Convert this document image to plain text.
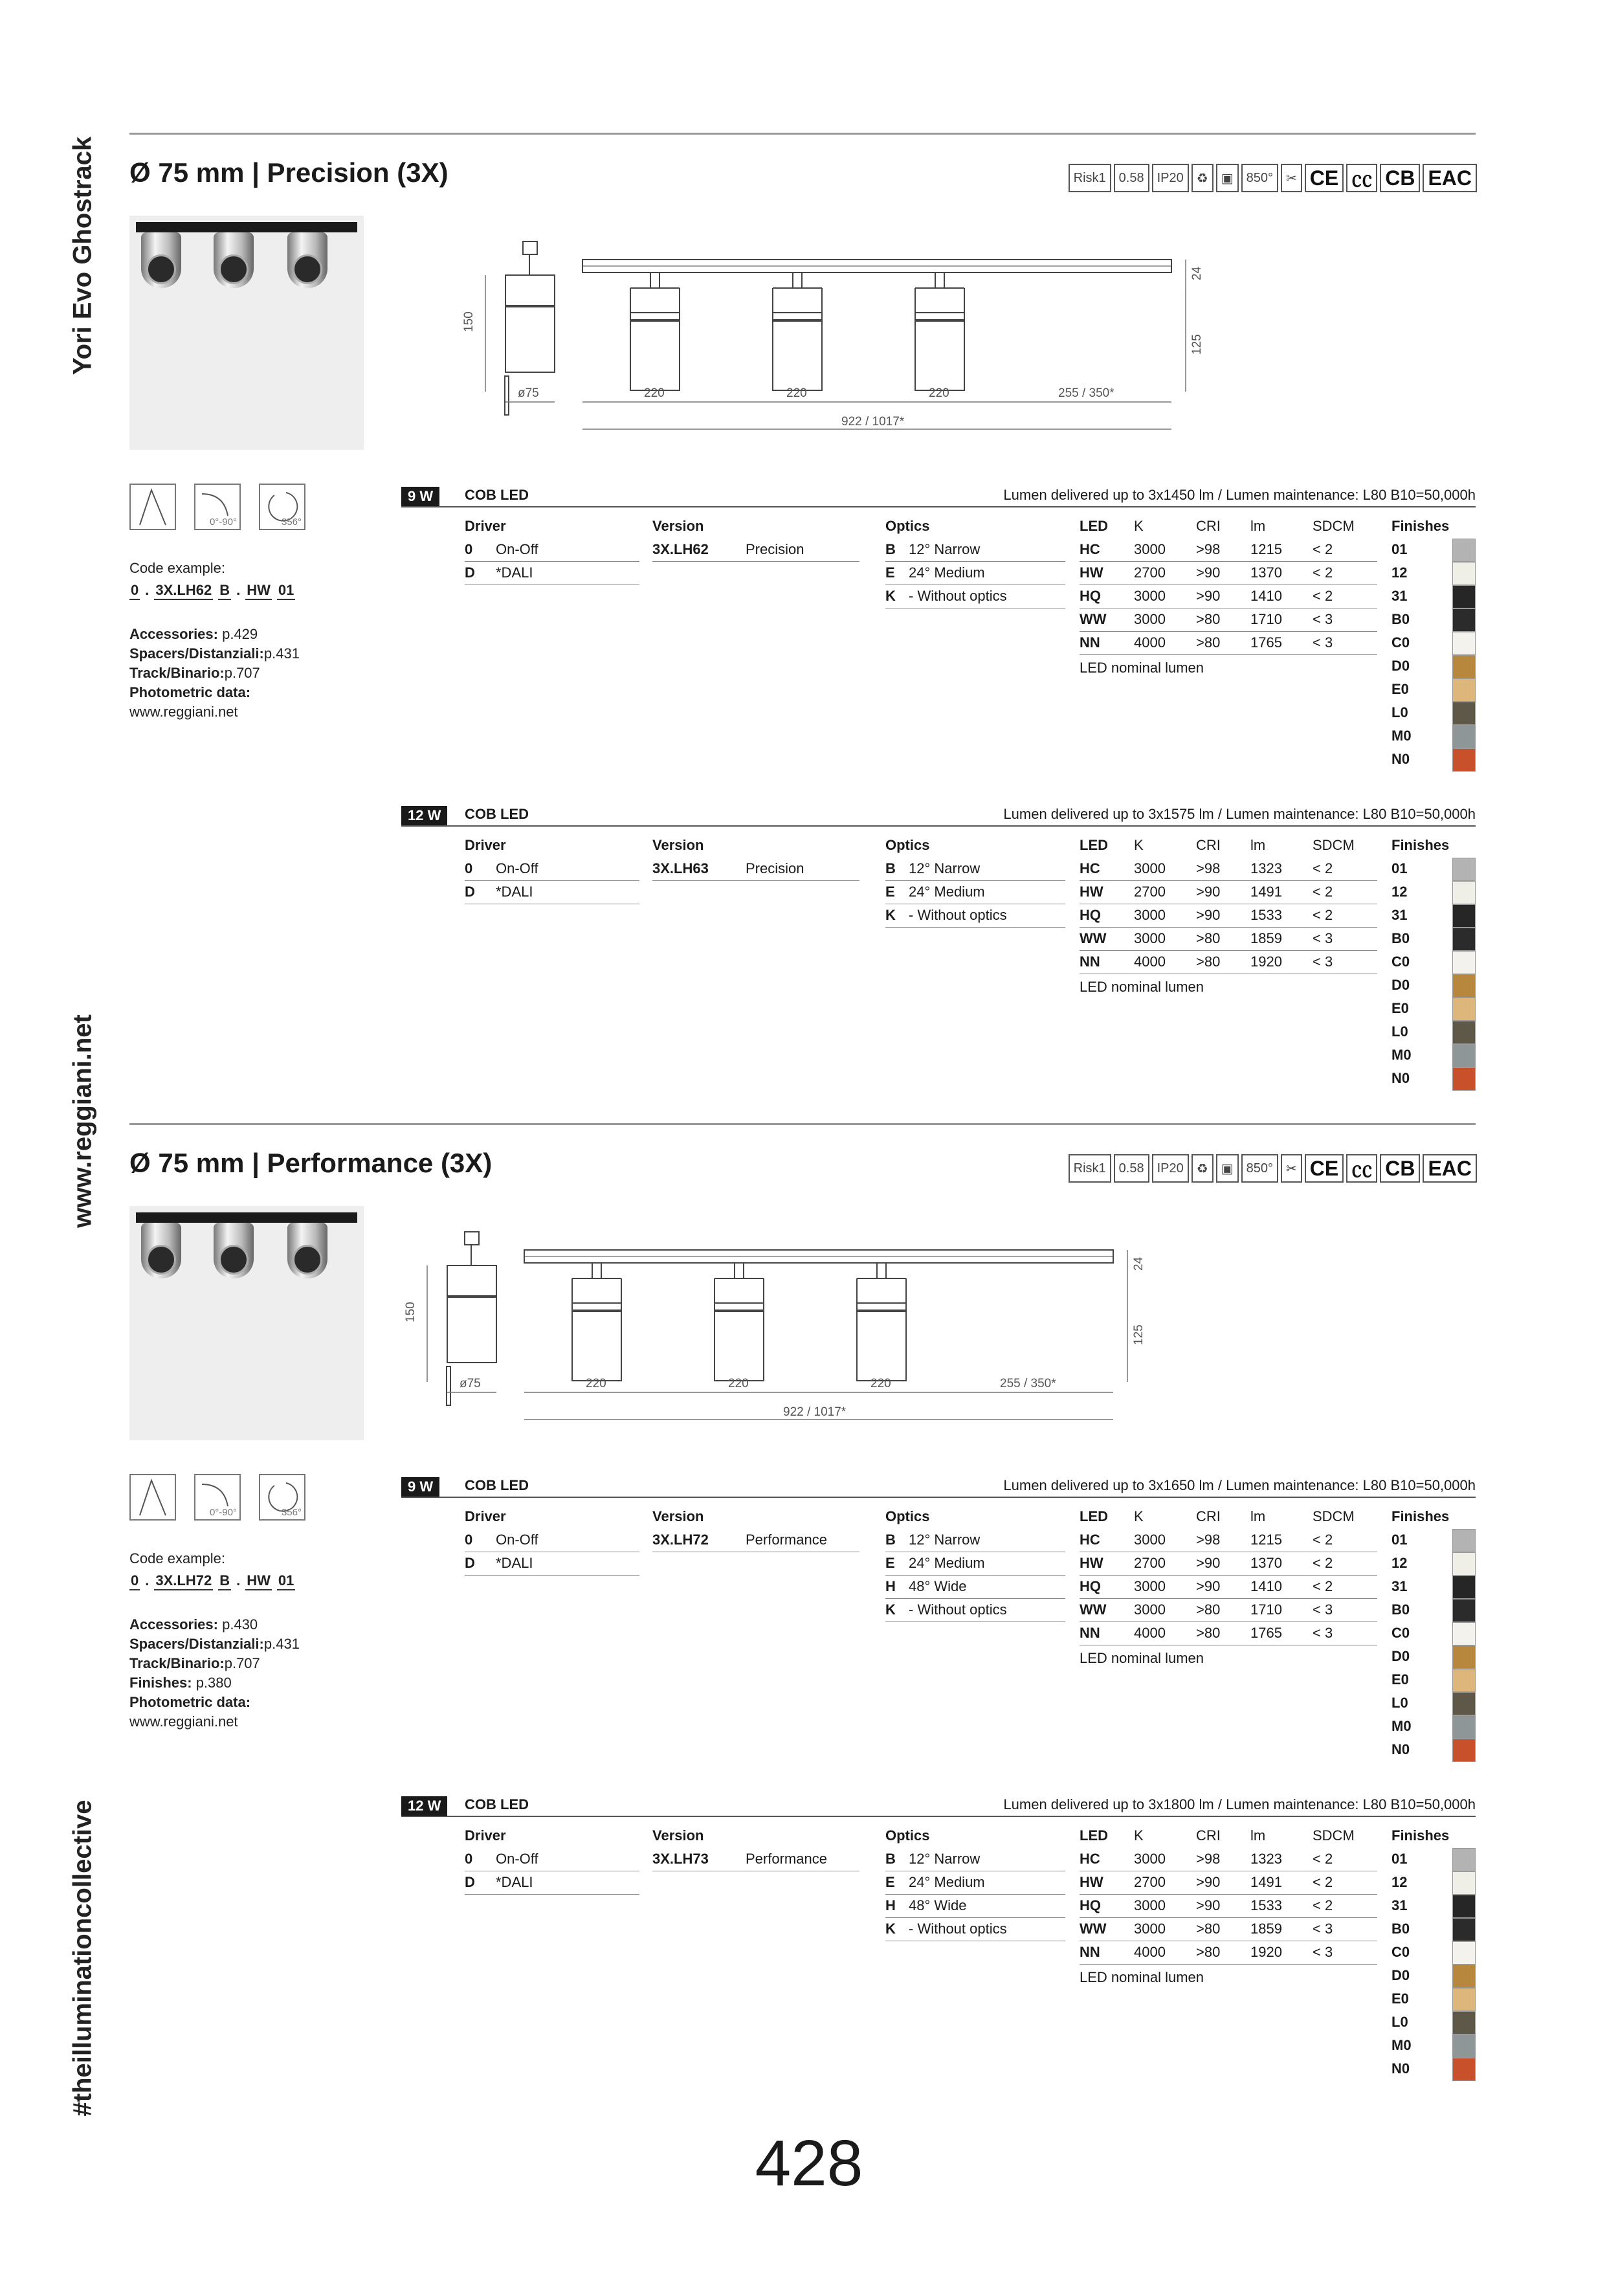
Yori Evo Ghostrack
www.reggiani.net
#theilluminationcollective
Ø 75 mm | Precision (3X)	Risk1	0.58	IP20	♻	▣	850°	✂ CE ㏄ CB EAC
150
ø75	220	220	220	255 / 350*
922 / 1017*
24
125
0°-90°	356°
Code example:
0 . 3X.LH62 B . HW 01
Accessories: p.429
Spacers/Distanziali:p.431
Track/Binario:p.707
Photometric data:
www.reggiani.net
9 W	COB LED	Lumen delivered up to 3x1450 lm / Lumen maintenance: L80 B10=50,000h
Driver
0 On-Off
D *DALI
Version
3X.LH62	Precision
Optics
B 12° Narrow
E 24° Medium
K - Without optics
LED K	CRI lm	SDCM
HC 3000 >98 1215 < 2
HW 2700 >90 1370 < 2
HQ 3000 >90 1410 < 2
WW 3000 >80 1710 < 3
NN 4000 >80 1765 < 3
LED nominal lumen
Finishes
01
12
31
B0
C0
D0
E0
L0
M0
N0
12 W	COB LED	Lumen delivered up to 3x1575 lm / Lumen maintenance: L80 B10=50,000h
Driver
0 On-Off
D *DALI
Version
3X.LH63	Precision
Optics
B 12° Narrow
E 24° Medium
K - Without optics
LED K	CRI lm	SDCM
HC 3000 >98 1323 < 2
HW 2700 >90 1491 < 2
HQ 3000 >90 1533 < 2
WW 3000 >80 1859 < 3
NN 4000 >80 1920 < 3
LED nominal lumen
Finishes
01
12
31
B0
C0
D0
E0
L0
M0
N0
Ø 75 mm | Performance (3X)	Risk1	0.58	IP20	♻	▣	850°	✂ CE ㏄ CB EAC
150
ø75	220	220	220	255 / 350*
922 / 1017*
24
125
0°-90°	356°
Code example:
0 . 3X.LH72 B . HW 01
Accessories: p.430
Spacers/Distanziali:p.431
Track/Binario:p.707
Finishes: p.380
Photometric data:
www.reggiani.net
9 W	COB LED	Lumen delivered up to 3x1650 lm / Lumen maintenance: L80 B10=50,000h
Driver
0 On-Off
D *DALI
Version
3X.LH72	Performance
Optics
B 12° Narrow
E 24° Medium
H 48° Wide
K - Without optics
LED K	CRI lm	SDCM
HC 3000 >98 1215 < 2
HW 2700 >90 1370 < 2
HQ 3000 >90 1410 < 2
WW 3000 >80 1710 < 3
NN 4000 >80 1765 < 3
LED nominal lumen
Finishes
01
12
31
B0
C0
D0
E0
L0
M0
N0
12 W	COB LED	Lumen delivered up to 3x1800 lm / Lumen maintenance: L80 B10=50,000h
Driver
0 On-Off
D *DALI
Version
3X.LH73	Performance
Optics
B 12° Narrow
E 24° Medium
H 48° Wide
K - Without optics
LED K	CRI lm	SDCM
HC 3000 >98 1323 < 2
HW 2700 >90 1491 < 2
HQ 3000 >90 1533 < 2
WW 3000 >80 1859 < 3
NN 4000 >80 1920 < 3
LED nominal lumen
Finishes
01
12
31
B0
C0
D0
E0
L0
M0
N0
428
